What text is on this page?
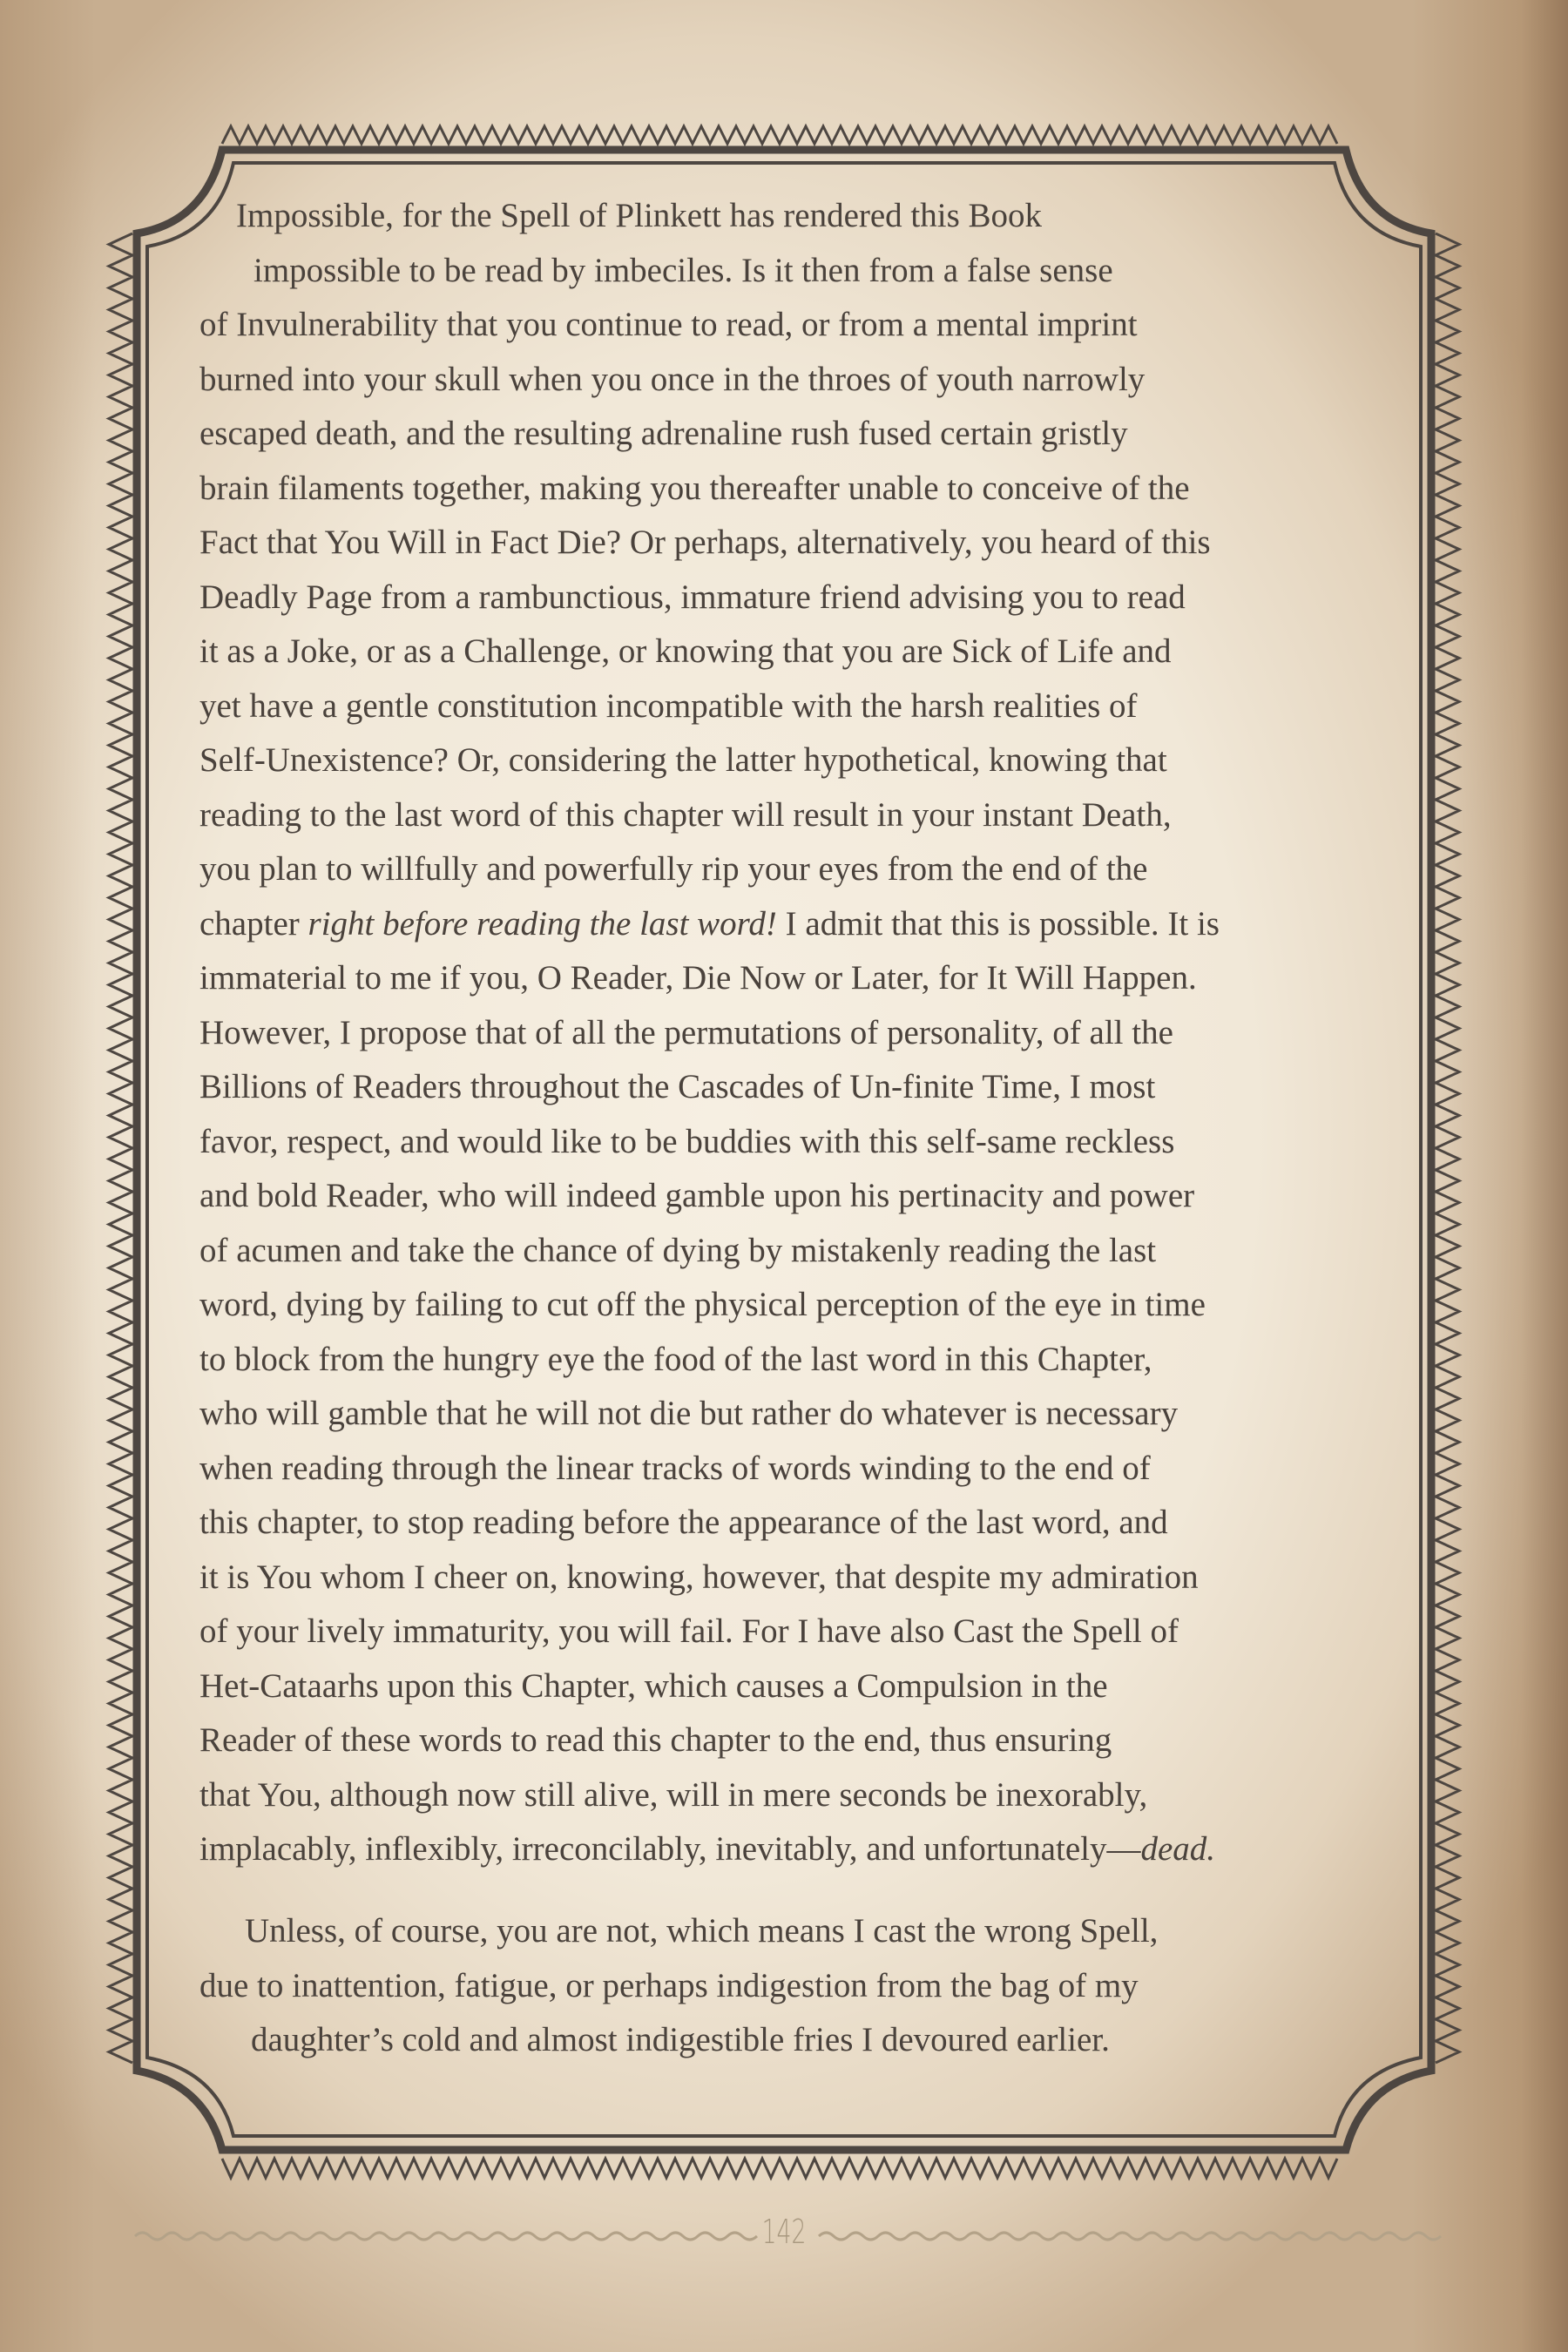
Impossible, for the Spell of Plinkett has rendered this Book
impossible to be read by imbeciles. Is it then from a false sense
of Invulnerability that you continue to read, or from a mental imprint
burned into your skull when you once in the throes of youth narrowly
escaped death, and the resulting adrenaline rush fused certain gristly
brain filaments together, making you thereafter unable to conceive of the
Fact that You Will in Fact Die? Or perhaps, alternatively, you heard of this
Deadly Page from a rambunctious, immature friend advising you to read
it as a Joke, or as a Challenge, or knowing that you are Sick of Life and
yet have a gentle constitution incompatible with the harsh realities of
Self-Unexistence? Or, considering the latter hypothetical, knowing that
reading to the last word of this chapter will result in your instant Death,
you plan to willfully and powerfully rip your eyes from the end of the
chapter right before reading the last word! I admit that this is possible. It is
immaterial to me if you, O Reader, Die Now or Later, for It Will Happen.
However, I propose that of all the permutations of personality, of all the
Billions of Readers throughout the Cascades of Un-finite Time, I most
favor, respect, and would like to be buddies with this self-same reckless
and bold Reader, who will indeed gamble upon his pertinacity and power
of acumen and take the chance of dying by mistakenly reading the last
word, dying by failing to cut off the physical perception of the eye in time
to block from the hungry eye the food of the last word in this Chapter,
who will gamble that he will not die but rather do whatever is necessary
when reading through the linear tracks of words winding to the end of
this chapter, to stop reading before the appearance of the last word, and
it is You whom I cheer on, knowing, however, that despite my admiration
of your lively immaturity, you will fail. For I have also Cast the Spell of
Het-Cataarhs upon this Chapter, which causes a Compulsion in the
Reader of these words to read this chapter to the end, thus ensuring
that You, although now still alive, will in mere seconds be inexorably,
implacably, inflexibly, irreconcilably, inevitably, and unfortunately—dead.
Unless, of course, you are not, which means I cast the wrong Spell,
due to inattention, fatigue, or perhaps indigestion from the bag of my
daughter’s cold and almost indigestible fries I devoured earlier.
142
